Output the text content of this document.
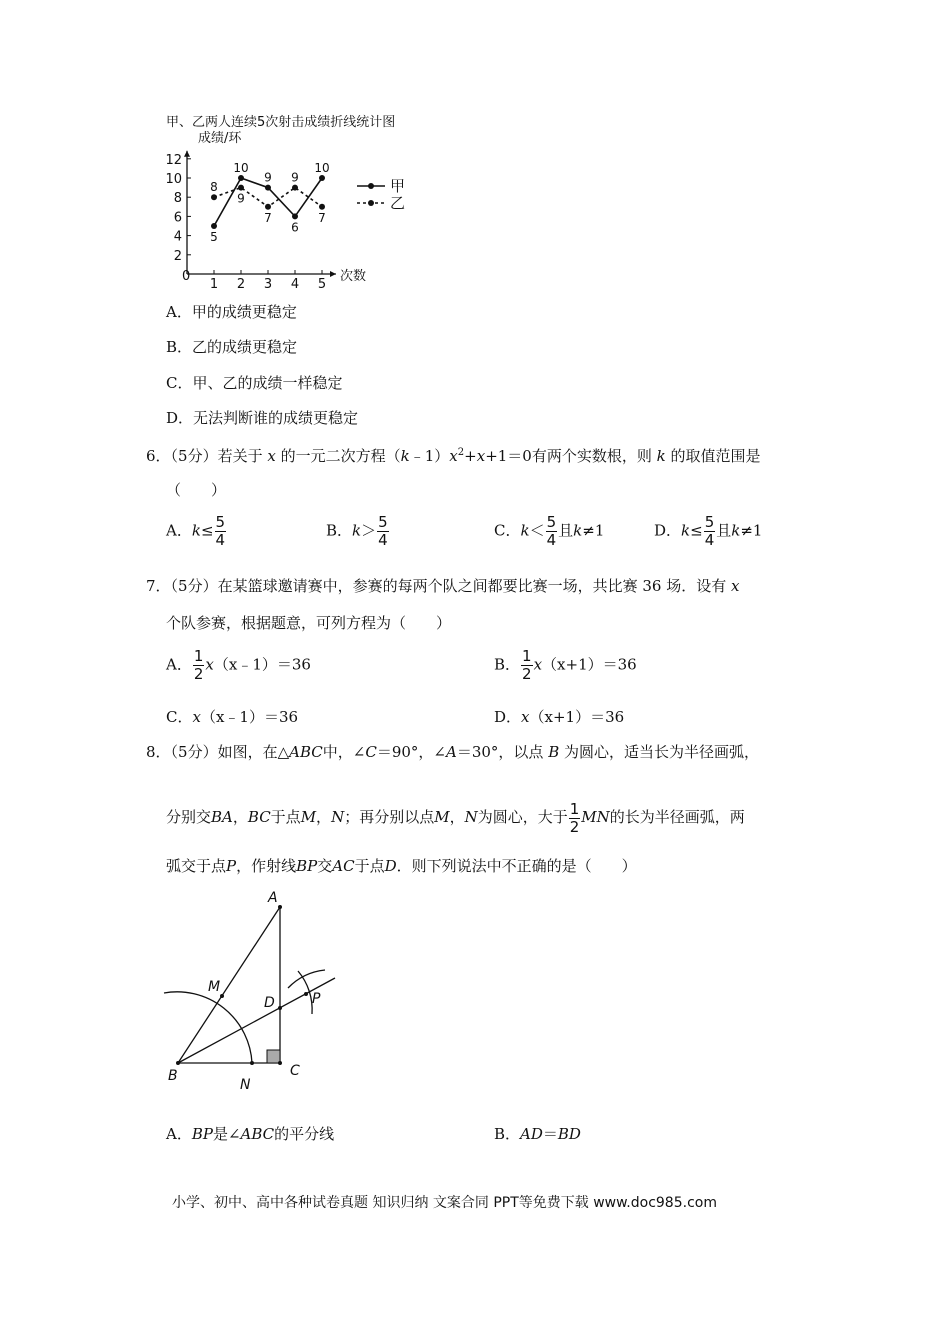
甲、乙两人连续5次射击成绩折线统计图
成绩/环
2
4
6
8
10
12
1 2 3 4 5
5
10
9
6
10
8
9
7
9
7
次数
0
甲
乙
A．甲的成绩更稳定
B．乙的成绩更稳定
C．甲、乙的成绩一样稳定
D．无法判断谁的成绩更稳定
6．（5分）若关于 x 的一元二次方程$(k﹣1)x^2+x+1=0$有两个实数根，则 k 的取值范围是
（　　）
A．$k\le \frac{5}{4}$	B．$k> \frac{5}{4}$	C．$k< \frac{5}{4}$ 且k≠1	D．$k\le \frac{5}{4}$ 且k≠1
7．（5分）在某篮球邀请赛中，参赛的每两个队之间都要比赛一场，共比赛 36 场．设有 x
个队参赛，根据题意，可列方程为（　　）
A． $\frac{1}{2}$ x（x﹣1）＝36	B． $\frac{1}{2} x(x+1)=36$
C．x（x﹣1）＝36	D．x（x+1）＝36
8．（5分）如图，在△ABC中，∠C＝90°，∠A＝30°，以点 B 为圆心，适当长为半径画弧，
分别交BA，BC于点M，N；再分别以点M，N为圆心，大于 $\frac{1}{2}$ MN的长为半径画弧，两
弧交于点P，作射线BP交AC于点D．则下列说法中不正确的是（　　）
A
B	C
D
M
N
P
A．BP是∠ABC的平分线	B．AD＝BD
小学、初中、高中各种试卷真题 知识归纳 文案合同 PPT等免费下载 www.doc985.com
